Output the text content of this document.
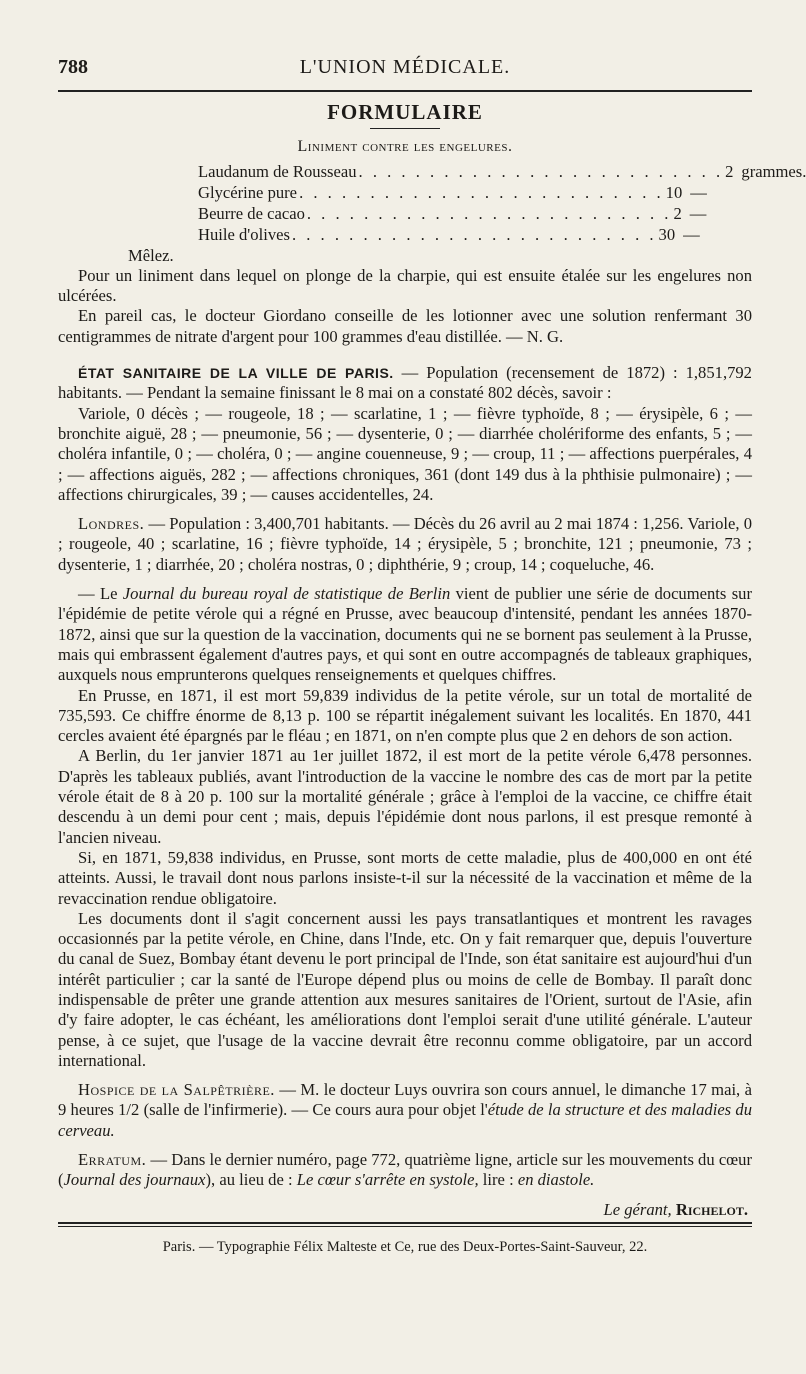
788	L'UNION MÉDICALE.
FORMULAIRE
Liniment contre les engelures.
Laudanum de Rousseau . . . . . . . . . . . . . . . . . . . . . . . . . . 2 grammes.
Glycérine pure . . . . . . . . . . . . . . . . . . . . . . . . . . 10 —
Beurre de cacao . . . . . . . . . . . . . . . . . . . . . . . . . . 2 —
Huile d'olives . . . . . . . . . . . . . . . . . . . . . . . . . . 30 —

Mêlez.

Pour un liniment dans lequel on plonge de la charpie, qui est ensuite étalée sur les engelures non ulcérées.

En pareil cas, le docteur Giordano conseille de les lotionner avec une solution renfermant 30 centigrammes de nitrate d'argent pour 100 grammes d'eau distillée. — N. G.

ÉTAT SANITAIRE DE LA VILLE DE PARIS. — Population (recensement de 1872) : 1,851,792 habitants. — Pendant la semaine finissant le 8 mai on a constaté 802 décès, savoir :

Variole, 0 décès ; — rougeole, 18 ; — scarlatine, 1 ; — fièvre typhoïde, 8 ; — érysipèle, 6 ; — bronchite aiguë, 28 ; — pneumonie, 56 ; — dysenterie, 0 ; — diarrhée cholériforme des enfants, 5 ; — choléra infantile, 0 ; — choléra, 0 ; — angine couenneuse, 9 ; — croup, 11 ; — affections puerpérales, 4 ; — affections aiguës, 282 ; — affections chroniques, 361 (dont 149 dus à la phthisie pulmonaire) ; — affections chirurgicales, 39 ; — causes accidentelles, 24.

Londres. — Population : 3,400,701 habitants. — Décès du 26 avril au 2 mai 1874 : 1,256. Variole, 0 ; rougeole, 40 ; scarlatine, 16 ; fièvre typhoïde, 14 ; érysipèle, 5 ; bronchite, 121 ; pneumonie, 73 ; dysenterie, 1 ; diarrhée, 20 ; choléra nostras, 0 ; diphthérie, 9 ; croup, 14 ; coqueluche, 46.

— Le Journal du bureau royal de statistique de Berlin vient de publier une série de documents sur l'épidémie de petite vérole qui a régné en Prusse, avec beaucoup d'intensité, pendant les années 1870-1872, ainsi que sur la question de la vaccination, documents qui ne se bornent pas seulement à la Prusse, mais qui embrassent également d'autres pays, et qui sont en outre accompagnés de tableaux graphiques, auxquels nous emprunterons quelques renseignements et quelques chiffres.

En Prusse, en 1871, il est mort 59,839 individus de la petite vérole, sur un total de mortalité de 735,593. Ce chiffre énorme de 8,13 p. 100 se répartit inégalement suivant les localités. En 1870, 441 cercles avaient été épargnés par le fléau ; en 1871, on n'en compte plus que 2 en dehors de son action.

A Berlin, du 1er janvier 1871 au 1er juillet 1872, il est mort de la petite vérole 6,478 personnes. D'après les tableaux publiés, avant l'introduction de la vaccine le nombre des cas de mort par la petite vérole était de 8 à 20 p. 100 sur la mortalité générale ; grâce à l'emploi de la vaccine, ce chiffre était descendu à un demi pour cent ; mais, depuis l'épidémie dont nous parlons, il est presque remonté à l'ancien niveau.

Si, en 1871, 59,838 individus, en Prusse, sont morts de cette maladie, plus de 400,000 en ont été atteints. Aussi, le travail dont nous parlons insiste-t-il sur la nécessité de la vaccination et même de la revaccination rendue obligatoire.

Les documents dont il s'agit concernent aussi les pays transatlantiques et montrent les ravages occasionnés par la petite vérole, en Chine, dans l'Inde, etc. On y fait remarquer que, depuis l'ouverture du canal de Suez, Bombay étant devenu le port principal de l'Inde, son état sanitaire est aujourd'hui d'un intérêt particulier ; car la santé de l'Europe dépend plus ou moins de celle de Bombay. Il paraît donc indispensable de prêter une grande attention aux mesures sanitaires de l'Orient, surtout de l'Asie, afin d'y faire adopter, le cas échéant, les améliorations dont l'emploi serait d'une utilité générale. L'auteur pense, à ce sujet, que l'usage de la vaccine devrait être reconnu comme obligatoire, par un accord international.

Hospice de la Salpêtrière. — M. le docteur Luys ouvrira son cours annuel, le dimanche 17 mai, à 9 heures 1/2 (salle de l'infirmerie). — Ce cours aura pour objet l'étude de la structure et des maladies du cerveau.

Erratum. — Dans le dernier numéro, page 772, quatrième ligne, article sur les mouvements du cœur (Journal des journaux), au lieu de : Le cœur s'arrête en systole, lire : en diastole.

Le gérant, Richelot.

Paris. — Typographie Félix Malteste et Ce, rue des Deux-Portes-Saint-Sauveur, 22.
